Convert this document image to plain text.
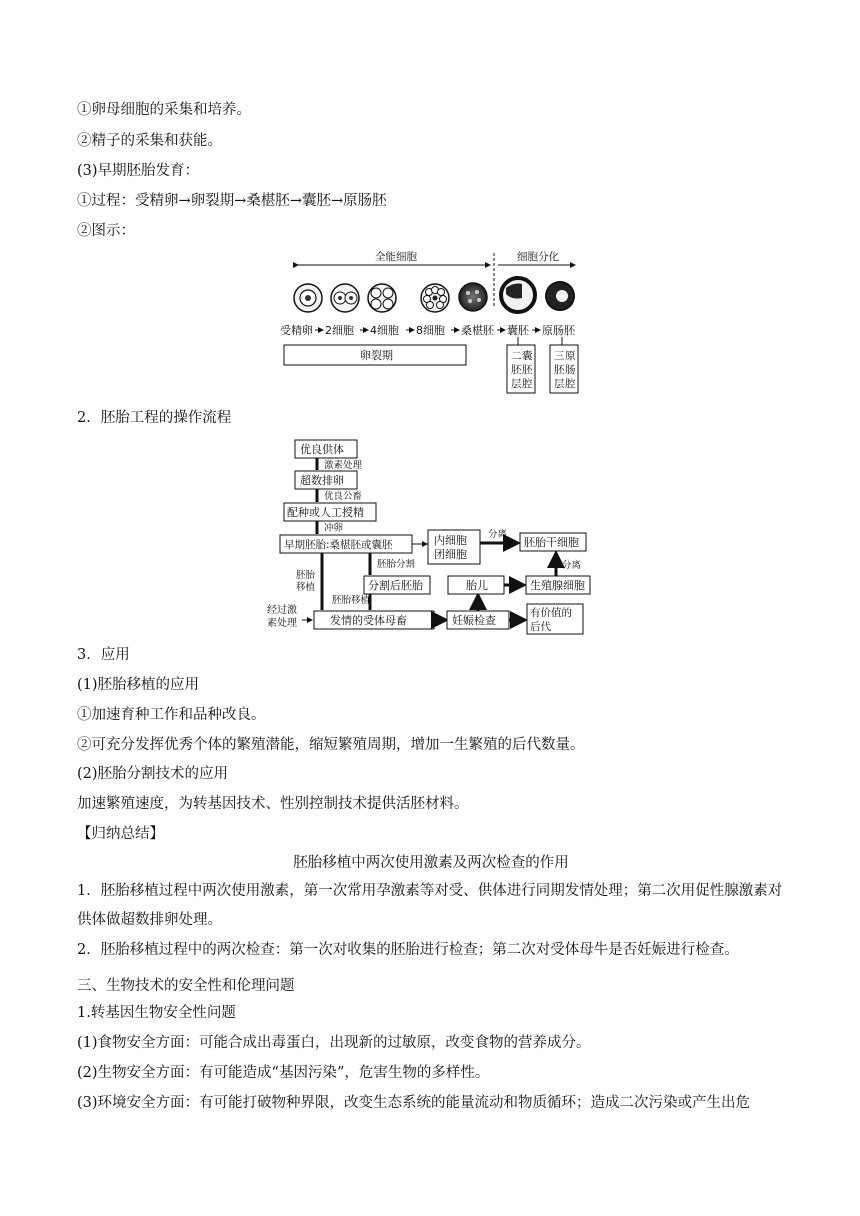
①卵母细胞的采集和培养。
②精子的采集和获能。
(3)早期胚胎发育：
①过程：受精卵→卵裂期→桑椹胚→囊胚→原肠胚
②图示：
全能细胞	细胞分化
受精卵 2细胞 4细胞 8细胞 桑椹胚 囊胚 原肠胚
卵裂期	二 囊
胚 胚
层 腔
三 原
胚 肠
层 腔
2．胚胎工程的操作流程
优良供体
激素处理
超数排卵
优良公畜
配种或人工授精
冲卵
早期胚胎:桑椹胚或囊胚	内细胞
团细胞
分离
胚胎干细胞
胚胎分割
分割后胚胎
胚胎移植
胚胎
移植
经过激
素处理	发情的受体母畜	妊娠检查
有价值的
后代
胎儿	生殖腺细胞
分离
3．应用
(1)胚胎移植的应用
①加速育种工作和品种改良。
②可充分发挥优秀个体的繁殖潜能，缩短繁殖周期，增加一生繁殖的后代数量。
(2)胚胎分割技术的应用
加速繁殖速度，为转基因技术、性别控制技术提供活胚材料。
【归纳总结】
胚胎移植中两次使用激素及两次检查的作用
1．胚胎移植过程中两次使用激素，第一次常用孕激素等对受、供体进行同期发情处理；第二次用促性腺激素对供体做超数排卵处理。
2．胚胎移植过程中的两次检查：第一次对收集的胚胎进行检查；第二次对受体母牛是否妊娠进行检查。
三、生物技术的安全性和伦理问题
1.转基因生物安全性问题
(1)食物安全方面：可能合成出毒蛋白，出现新的过敏原，改变食物的营养成分。
(2)生物安全方面：有可能造成“基因污染”，危害生物的多样性。
(3)环境安全方面：有可能打破物种界限，改变生态系统的能量流动和物质循环；造成二次污染或产生出危
